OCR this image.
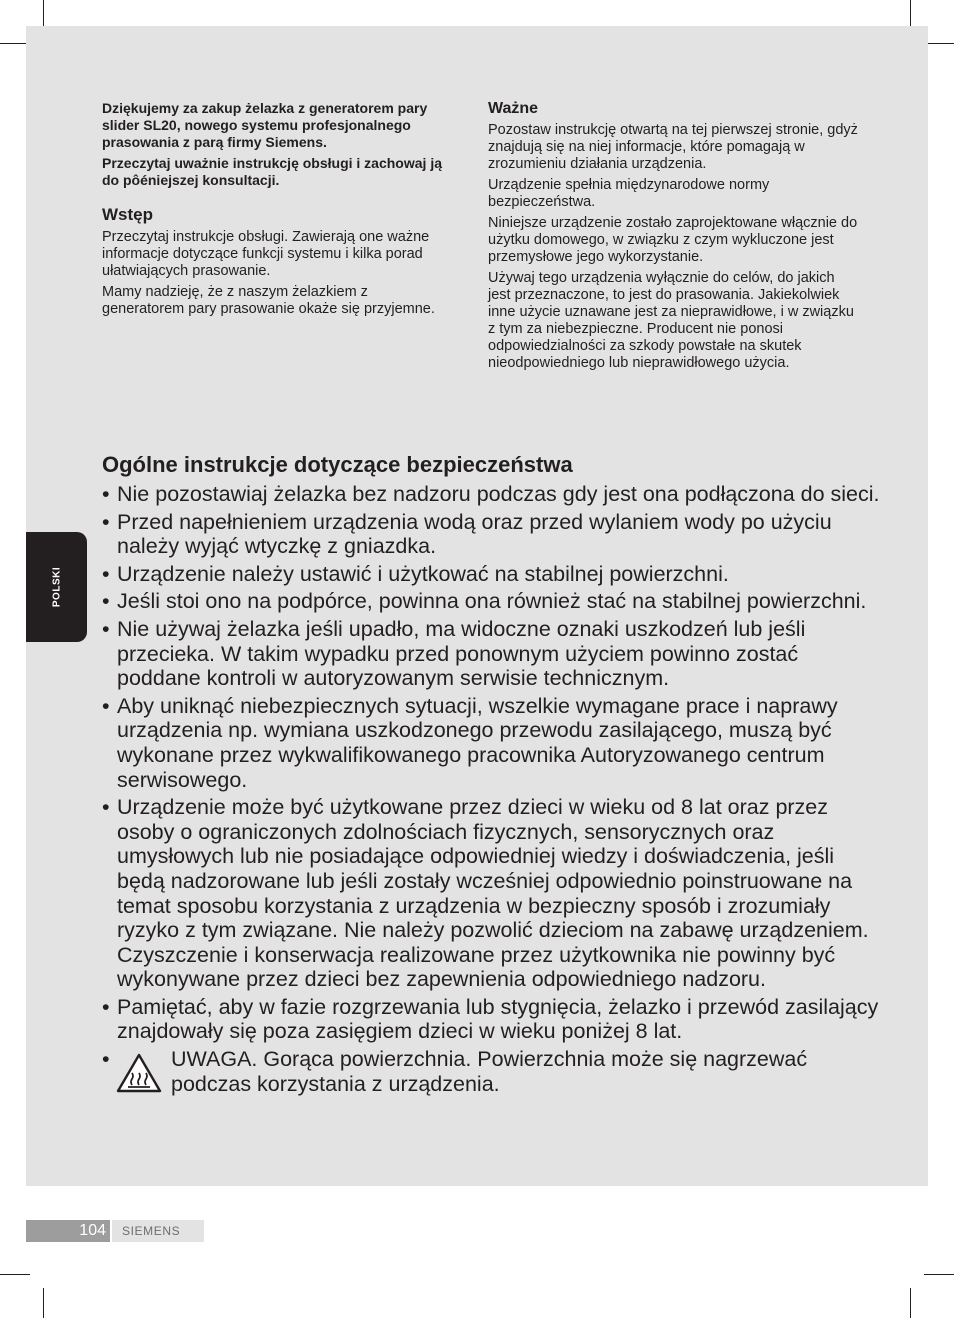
POLSKI

Dziękujemy za zakup żelazka z generatorem pary slider SL20, nowego systemu profesjonalnego prasowania z parą firmy Siemens.

Przeczytaj uważnie instrukcję obsługi i zachowaj ją do pôéniejszej konsultacji.

Wstęp

Przeczytaj instrukcje obsługi. Zawierają one ważne informacje dotyczące funkcji systemu i kilka porad ułatwiających prasowanie.

Mamy nadzieję, że z naszym żelazkiem z generatorem pary prasowanie okaże się przyjemne.

Ważne

Pozostaw instrukcję otwartą na tej pierwszej stronie, gdyż znajdują się na niej informacje, które pomagają w zrozumieniu działania urządzenia.

Urządzenie spełnia międzynarodowe normy bezpieczeństwa.

Niniejsze urządzenie zostało zaprojektowane włącznie do użytku domowego, w związku z czym wykluczone jest przemysłowe jego wykorzystanie.

Używaj tego urządzenia wyłącznie do celów, do jakich jest przeznaczone, to jest do prasowania. Jakiekolwiek inne użycie uznawane jest za nieprawidłowe, i w związku z tym za niebezpieczne. Producent nie ponosi odpowiedzialności za szkody powstałe na skutek nieodpowiedniego lub nieprawidłowego użycia.

Ogólne instrukcje dotyczące bezpieczeństwa
• Nie pozostawiaj żelazka bez nadzoru podczas gdy jest ona podłączona do sieci.
• Przed napełnieniem urządzenia wodą oraz przed wylaniem wody po użyciu należy wyjąć wtyczkę z gniazdka.
• Urządzenie należy ustawić i użytkować na stabilnej powierzchni.
• Jeśli stoi ono na podpórce, powinna ona również stać na stabilnej powierzchni.
• Nie używaj żelazka jeśli upadło, ma widoczne oznaki uszkodzeń lub jeśli przecieka. W takim wypadku przed ponownym użyciem powinno zostać poddane kontroli w autoryzowanym serwisie technicznym.
• Aby uniknąć niebezpiecznych sytuacji, wszelkie wymagane prace i naprawy urządzenia np. wymiana uszkodzonego przewodu zasilającego, muszą być wykonane przez wykwalifikowanego pracownika Autoryzowanego centrum serwisowego.
• Urządzenie może być użytkowane przez dzieci w wieku od 8 lat oraz przez osoby o ograniczonych zdolnościach fizycznych, sensorycznych oraz umysłowych lub nie posiadające odpowiedniej wiedzy i doświadczenia, jeśli będą nadzorowane lub jeśli zostały wcześniej odpowiednio poinstruowane na temat sposobu korzystania z urządzenia w bezpieczny sposób i zrozumiały ryzyko z tym związane. Nie należy pozwolić dzieciom na zabawę urządzeniem. Czyszczenie i konserwacja realizowane przez użytkownika nie powinny być wykonywane przez dzieci bez zapewnienia odpowiedniego nadzoru.
• Pamiętać, aby w fazie rozgrzewania lub stygnięcia, żelazko i przewód zasilający znajdowały się poza zasięgiem dzieci w wieku poniżej 8 lat.
• UWAGA. Gorąca powierzchnia. Powierzchnia może się nagrzewać podczas korzystania z urządzenia.
104	SIEMENS
